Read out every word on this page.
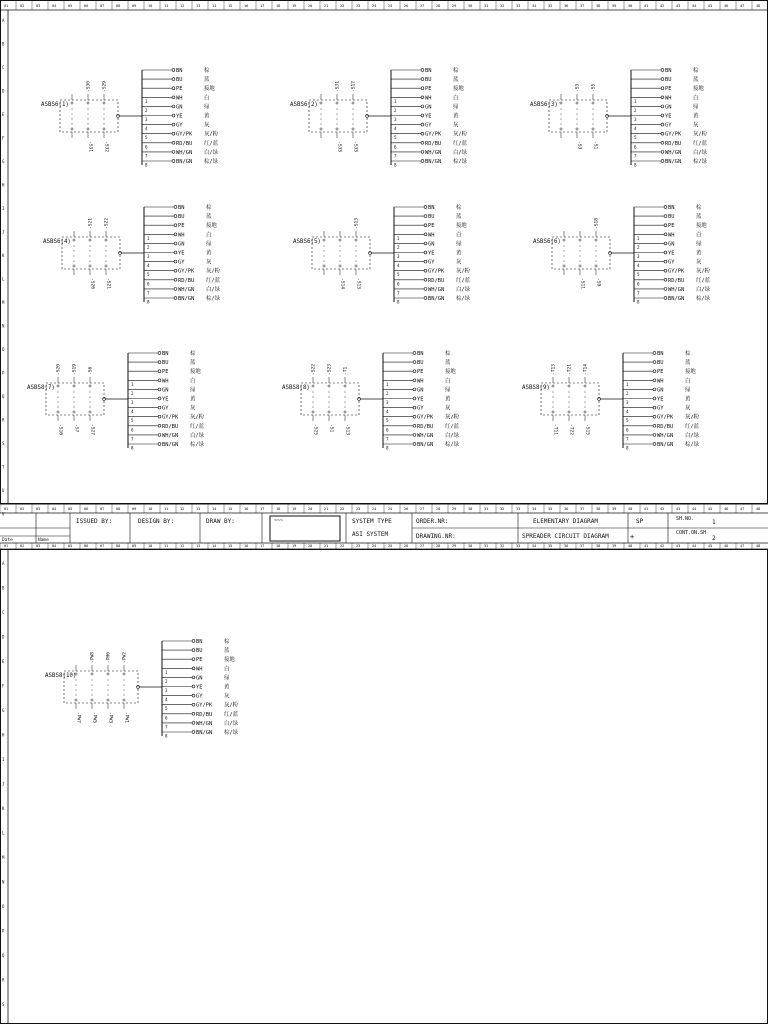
01
01
01
02
02
02
03
03
03
04
04
04
05
05
05
06
06
06
07
07
07
08
08
08
09
09
09
10
10
10
11
11
11
12
12
12
13
13
13
14
14
14
15
15
15
16
16
16
17
17
17
18
18
18
19
19
19
20
20
20
21
21
21
22
22
22
23
23
23
24
24
24
25
25
25
26
26
26
27
27
27
28
28
28
29
29
29
30
30
30
31
31
31
32
32
32
33
33
33
34
34
34
35
35
35
36
36
36
37
37
37
38
38
38
39
39
39
40
40
40
41
41
41
42
42
42
43
43
43
44
44
44
45
45
45
46
46
46
47
47
47
48
48
48
A
B
C
D
E
F
G
H
I
J
K
L
M
N
O
P
Q
R
S
T
U
V
A
B
C
D
E
F
G
H
I
J
K
L
M
N
O
P
Q
R
S
ASBS6(1)
-S30 -S29
-S31 -S32
BN	棕
BU	蓝
PE	接地
WH	白
GN	绿
YE	黄
GY	灰
GY/PK 灰/粉
RD/BU 红/蓝
WH/GN 白/绿
BN/GN 棕/绿
1
2
3
4
5
6
7
8
ASBS6(2)
-S31 -S17
-S33 -S33
BN	棕
BU	蓝
PE	接地
WH	白
GN	绿
YE	黄
GY	灰
GY/PK 灰/粉
RD/BU 红/蓝
WH/GN 白/绿
BN/GN 棕/绿
1
2
3
4
5
6
7
8
ASBS6(3)
-S3 -S5
-S3 -S1
BN	棕
BU	蓝
PE	接地
WH	白
GN	绿
YE	黄
GY	灰
GY/PK 灰/粉
RD/BU 红/蓝
WH/GN 白/绿
BN/GN 棕/绿
1
2
3
4
5
6
7
8
ASBS6(4)
-S21 -S22
-S26 -S21
BN	棕
BU	蓝
PE	接地
WH	白
GN	绿
YE	黄
GY	灰
GY/PK 灰/粉
RD/BU 红/蓝
WH/GN 白/绿
BN/GN 棕/绿
1
2
3
4
5
6
7
8
ASBS6(5)
-S13
-S14 -S13
BN	棕
BU	蓝
PE	接地
WH	白
GN	绿
YE	黄
GY	灰
GY/PK 灰/粉
RD/BU 红/蓝
WH/GN 白/绿
BN/GN 棕/绿
1
2
3
4
5
6
7
8
ASBS6(6)
-S18
-S11 -S9
BN	棕
BU	蓝
PE	接地
WH	白
GN	绿
YE	黄
GY	灰
GY/PK 灰/粉
RD/BU 红/蓝
WH/GN 白/绿
BN/GN 棕/绿
1
2
3
4
5
6
7
8
ASBS8(7)
-S20 -S19 -S6
-S16 -S7 -S27
BN	棕
BU	蓝
PE	接地
WH	白
GN	绿
YE	黄
GY	灰
GY/PK 灰/粉
RD/BU 红/蓝
WH/GN 白/绿
BN/GN 棕/绿
1
2
3
4
5
6
7
8
ASBS8(8)
-S22 -S23 -T1
-S25 -S1 -S13
BN	棕
BU	蓝
PE	接地
WH	白
GN	绿
YE	黄
GY	灰
GY/PK 灰/粉
RD/BU 红/蓝
WH/GN 白/绿
BN/GN 棕/绿
1
2
3
4
5
6
7
8
ASBS8(9)
-T13 -T21 -T14
-T11 -T22 -S15
BN	棕
BU	蓝
PE	接地
WH	白
GN	绿
YE	黄
GY	灰
GY/PK 灰/粉
RD/BU 红/蓝
WH/GN 白/绿
BN/GN 棕/绿
1
2
3
4
5
6
7
8
ASBS8(10)
-PW8 -PH6 -PW2
-PW7 -PW5 -PW3 -PW1
BN	棕
BU	蓝
PE	接地
WH	白
GN	绿
YE	黄
GY	灰
GY/PK 灰/粉
RD/BU 红/蓝
WH/GN 白/绿
BN/GN 棕/绿
1
2
3
4
5
6
7
8
~~~
Date	Name
ISSUED BY:	DESIGN BY:	DRAW BY:	SYSTEM TYPE
ASI SYSTEM
ORDER.NR:
DRAWING.NR:
ELEMENTARY DIAGRAM
SPREADER CIRCUIT DIAGRAM
SP
+
SH.NO.	1
CONT.ON.SH
2
